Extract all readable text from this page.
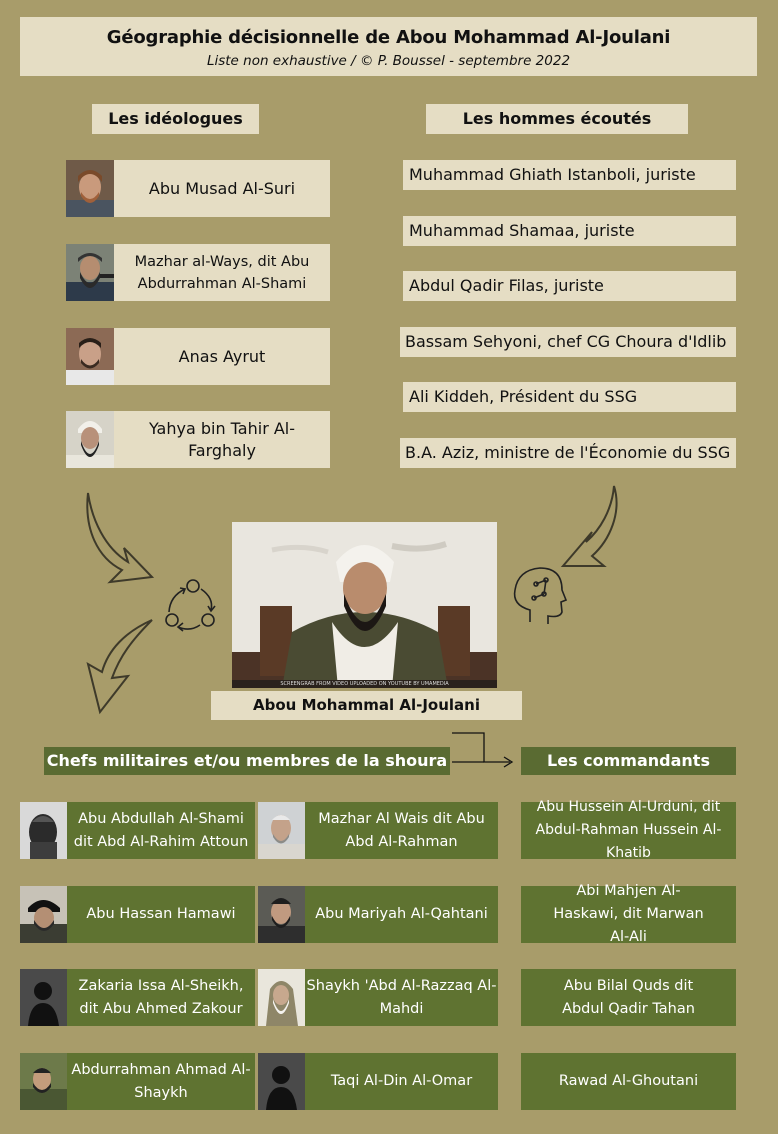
Géographie décisionnelle de Abou Mohammad Al-Joulani
Liste non exhaustive / © P. Boussel - septembre 2022
Les idéologues	Les hommes écoutés
Abu Musad Al-Suri
Mazhar al-Ways, dit Abu Abdurrahman Al-Shami
Anas Ayrut
Yahya bin Tahir Al-Farghaly
Muhammad Ghiath Istanboli, juriste
Muhammad Shamaa, juriste
Abdul Qadir Filas, juriste
Bassam Sehyoni, chef CG Choura d'Idlib
Ali Kiddeh, Président du SSG
B.A. Aziz, ministre de l'Économie du SSG
SCREENGRAB FROM VIDEO UPLOADED ON YOUTUBE BY UMAMEDIA
Abou Mohammal Al-Joulani
Chefs militaires et/ou membres de la shoura	Les commandants
Abu Abdullah Al-Shami dit Abd Al-Rahim Attoun
Abu Hassan Hamawi
Zakaria Issa Al-Sheikh, dit Abu Ahmed Zakour
Abdurrahman Ahmad Al-Shaykh
Mazhar Al Wais dit Abu Abd Al-Rahman
Abu Mariyah Al-Qahtani
Shaykh 'Abd Al-Razzaq Al-Mahdi
Taqi Al-Din Al-Omar
Abu Hussein Al-Urduni, dit Abdul-Rahman Hussein Al-Khatib
Abi Mahjen Al-Haskawi, dit Marwan Al-Ali
Abu Bilal Quds dit Abdul Qadir Tahan
Rawad Al-Ghoutani
